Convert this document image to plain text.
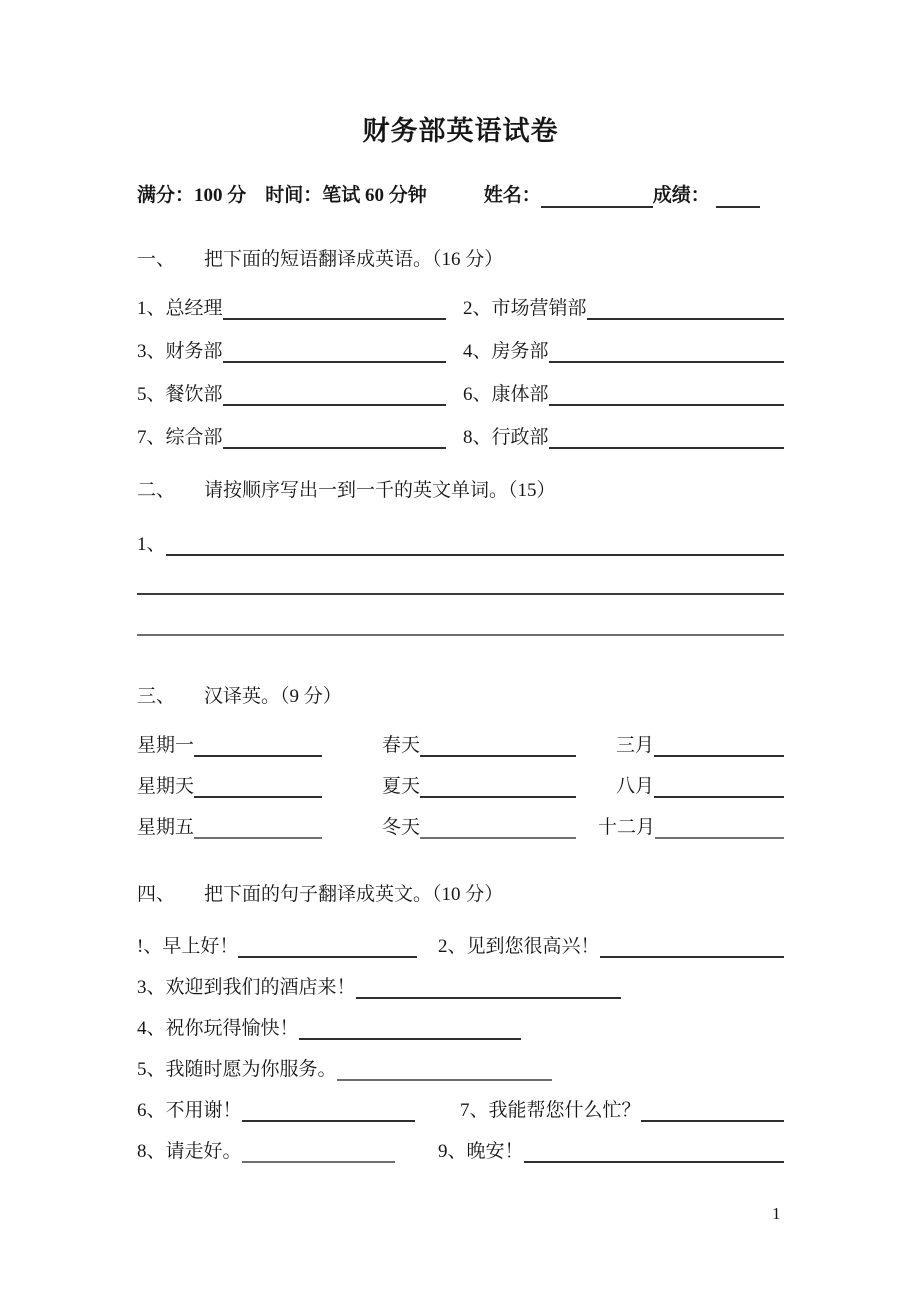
财务部英语试卷
满分：100 分 时间：笔试 60 分钟	姓名：	成绩：
一、 把下面的短语翻译成英语。（16 分）
1、总经理	2、市场营销部
3、财务部	4、房务部
5、餐饮部	6、康体部
7、综合部	8、行政部
二、 请按顺序写出一到一千的英文单词。（15）
1、
三、 汉译英。（9 分）
星期一	春天	三月
星期天	夏天	八月
星期五	冬天	十二月
四、 把下面的句子翻译成英文。（10 分）
!、早上好！	2、见到您很高兴！
3、欢迎到我们的酒店来！
4、祝你玩得愉快！
5、我随时愿为你服务。
6、不用谢！	7、我能帮您什么忙？
8、请走好。	9、晚安！
1
